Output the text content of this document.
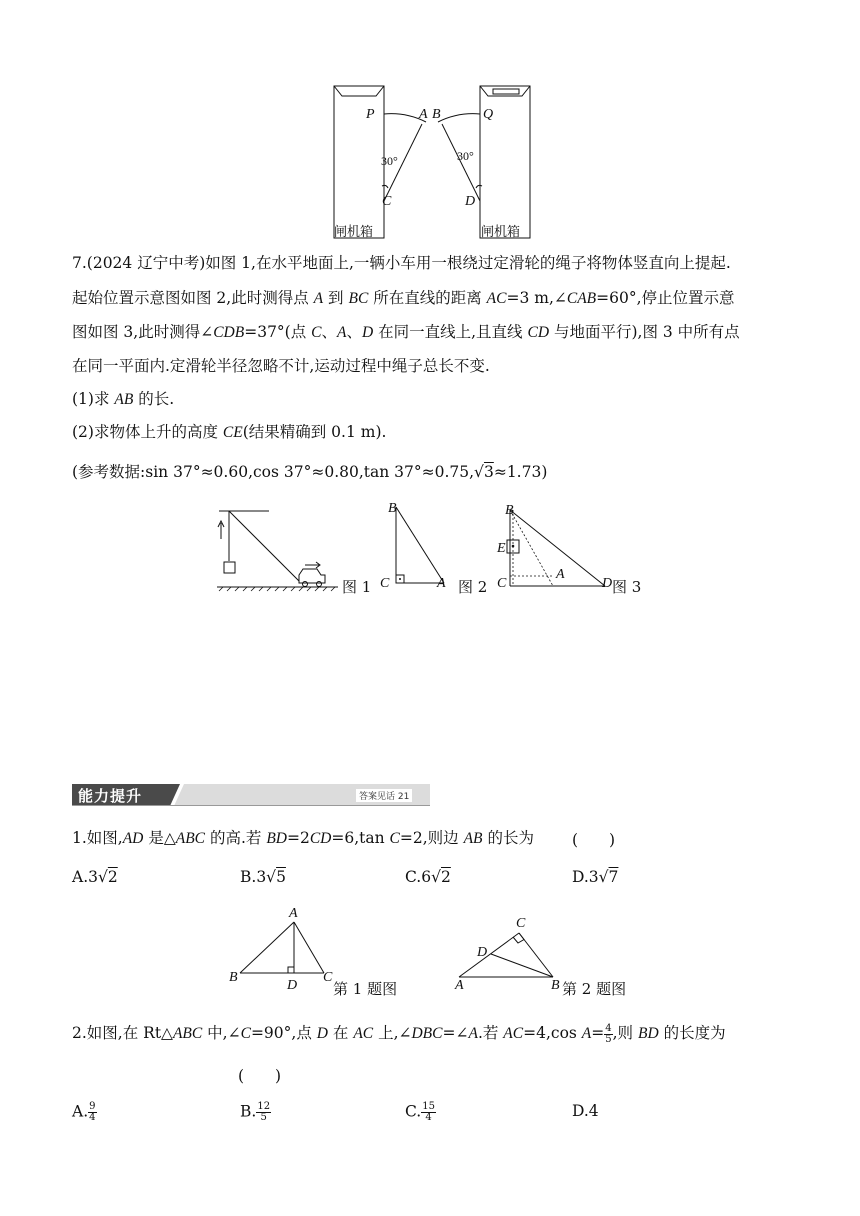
P	A B	Q
30°	30°
C	D
闸机箱	闸机箱
7.(2024 辽宁中考)如图 1,在水平地面上,一辆小车用一根绕过定滑轮的绳子将物体竖直向上提起.
起始位置示意图如图 2,此时测得点 A 到 BC 所在直线的距离 AC=3 m,∠CAB=60°,停止位置示意
图如图 3,此时测得∠CDB=37°(点 C、A、D 在同一直线上,且直线 CD 与地面平行),图 3 中所有点
在同一平面内.定滑轮半径忽略不计,运动过程中绳子总长不变.
(1)求 AB 的长.
(2)求物体上升的高度 CE(结果精确到 0.1 m).
(参考数据:sin 37°≈0.60,cos 37°≈0.80,tan 37°≈0.75,√3≈1.73)
图 1
B
C	A 图 2
B
E
C
A
D 图 3
能力提升	答案见话 21
1.如图,AD 是△ABC 的高.若 BD=2CD=6,tan C=2,则边 AB 的长为 (　　)
A.3√2	B.3√5	C.6√2	D.3√7
A
B
D
C
第 1 题图
C
D
A	B 第 2 题图
2.如图,在 Rt△ABC 中,∠C=90°,点 D 在 AC 上,∠DBC=∠A.若 AC=4,cos $A= \frac{4}{5}$ ,则 BD 的长度为
(　　)
A. $\frac{9}{4}$	B. $\frac{12}{5}$	C. $\frac{15}{4}$	D.4
